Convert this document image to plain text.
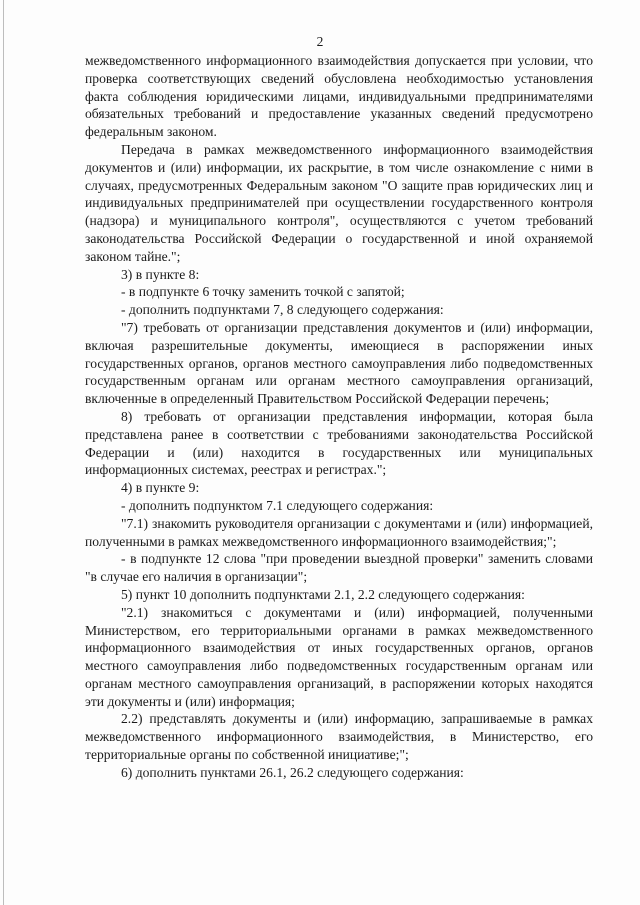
2

межведомственного информационного взаимодействия допускается при условии, что проверка соответствующих сведений обусловлена необходимостью установления факта соблюдения юридическими лицами, индивидуальными предпринимателями обязательных требований и предоставление указанных сведений предусмотрено федеральным законом.

Передача в рамках межведомственного информационного взаимодействия документов и (или) информации, их раскрытие, в том числе ознакомление с ними в случаях, предусмотренных Федеральным законом "О защите прав юридических лиц и индивидуальных предпринимателей при осуществлении государственного контроля (надзора) и муниципального контроля", осуществляются с учетом требований законодательства Российской Федерации о государственной и иной охраняемой законом тайне.";

3) в пункте 8:

- в подпункте 6 точку заменить точкой с запятой;

- дополнить подпунктами 7, 8 следующего содержания:

"7) требовать от организации представления документов и (или) информации, включая разрешительные документы, имеющиеся в распоряжении иных государственных органов, органов местного самоуправления либо подведомственных государственным органам или органам местного самоуправления организаций, включенные в определенный Правительством Российской Федерации перечень;

8) требовать от организации представления информации, которая была представлена ранее в соответствии с требованиями законодательства Российской Федерации и (или) находится в государственных или муниципальных информационных системах, реестрах и регистрах.";

4) в пункте 9:

- дополнить подпунктом 7.1 следующего содержания:

"7.1) знакомить руководителя организации с документами и (или) информацией, полученными в рамках межведомственного информационного взаимодействия;";

- в подпункте 12 слова "при проведении выездной проверки" заменить словами "в случае его наличия в организации";

5) пункт 10 дополнить подпунктами 2.1, 2.2 следующего содержания:

"2.1) знакомиться с документами и (или) информацией, полученными Министерством, его территориальными органами в рамках межведомственного информационного взаимодействия от иных государственных органов, органов местного самоуправления либо подведомственных государственным органам или органам местного самоуправления организаций, в распоряжении которых находятся эти документы и (или) информация;

2.2) представлять документы и (или) информацию, запрашиваемые в рамках межведомственного информационного взаимодействия, в Министерство, его территориальные органы по собственной инициативе;";

6) дополнить пунктами 26.1, 26.2 следующего содержания:
